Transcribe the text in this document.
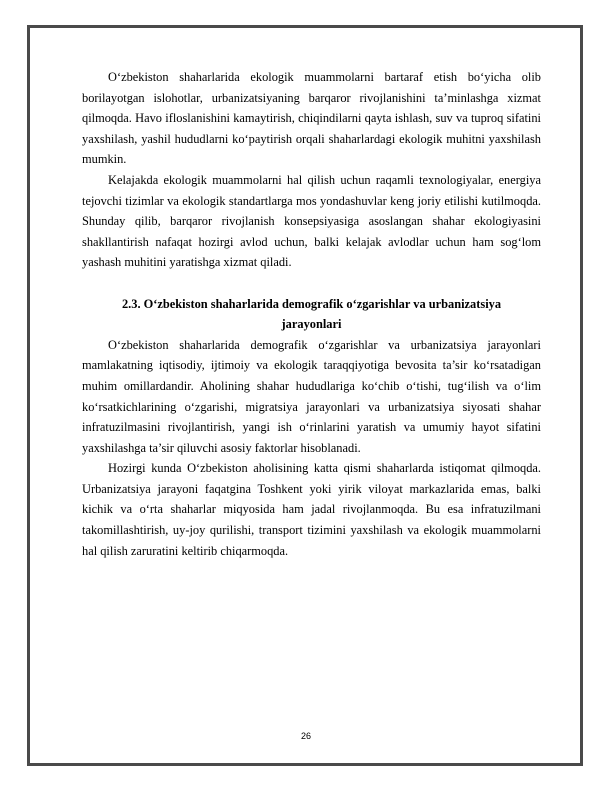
O‘zbekiston shaharlarida ekologik muammolarni bartaraf etish bo‘yicha olib borilayotgan islohotlar, urbanizatsiyaning barqaror rivojlanishini ta’minlashga xizmat qilmoqda. Havo ifloslanishini kamaytirish, chiqindilarni qayta ishlash, suv va tuproq sifatini yaxshilash, yashil hududlarni ko‘paytirish orqali shaharlardagi ekologik muhitni yaxshilash mumkin.

Kelajakda ekologik muammolarni hal qilish uchun raqamli texnologiyalar, energiya tejovchi tizimlar va ekologik standartlarga mos yondashuvlar keng joriy etilishi kutilmoqda. Shunday qilib, barqaror rivojlanish konsepsiyasiga asoslangan shahar ekologiyasini shakllantirish nafaqat hozirgi avlod uchun, balki kelajak avlodlar uchun ham sog‘lom yashash muhitini yaratishga xizmat qiladi.

2.3. O‘zbekiston shaharlarida demografik o‘zgarishlar va urbanizatsiya jarayonlari

O‘zbekiston shaharlarida demografik o‘zgarishlar va urbanizatsiya jarayonlari mamlakatning iqtisodiy, ijtimoiy va ekologik taraqqiyotiga bevosita ta’sir ko‘rsatadigan muhim omillardandir. Aholining shahar hududlariga ko‘chib o‘tishi, tug‘ilish va o‘lim ko‘rsatkichlarining o‘zgarishi, migratsiya jarayonlari va urbanizatsiya siyosati shahar infratuzilmasini rivojlantirish, yangi ish o‘rinlarini yaratish va umumiy hayot sifatini yaxshilashga ta’sir qiluvchi asosiy faktorlar hisoblanadi.

Hozirgi kunda O‘zbekiston aholisining katta qismi shaharlarda istiqomat qilmoqda. Urbanizatsiya jarayoni faqatgina Toshkent yoki yirik viloyat markazlarida emas, balki kichik va o‘rta shaharlar miqyosida ham jadal rivojlanmoqda. Bu esa infratuzilmani takomillashtirish, uy-joy qurilishi, transport tizimini yaxshilash va ekologik muammolarni hal qilish zaruratini keltirib chiqarmoqda.

26
